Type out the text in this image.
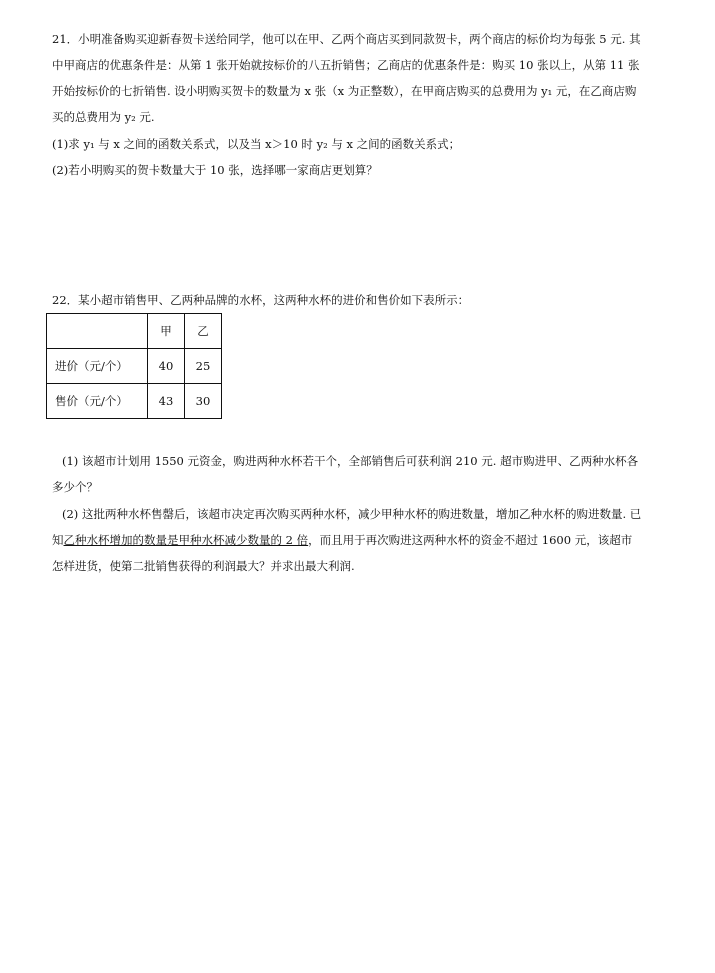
21．小明准备购买迎新春贺卡送给同学，他可以在甲、乙两个商店买到同款贺卡，两个商店的标价均为每张 5 元. 其
中甲商店的优惠条件是：从第 1 张开始就按标价的八五折销售；乙商店的优惠条件是：购买 10 张以上，从第 11 张
开始按标价的七折销售. 设小明购买贺卡的数量为 x 张（x 为正整数），在甲商店购买的总费用为 y₁ 元，在乙商店购
买的总费用为 y₂ 元.
(1)求 y₁ 与 x 之间的函数关系式，以及当 x＞10 时 y₂ 与 x 之间的函数关系式；
(2)若小明购买的贺卡数量大于 10 张，选择哪一家商店更划算？
22．某小超市销售甲、乙两种品牌的水杯，这两种水杯的进价和售价如下表所示：
	甲	乙
进价（元/个）	40	25
售价（元/个）	43	30
(1) 该超市计划用 1550 元资金，购进两种水杯若干个，全部销售后可获利润 210 元. 超市购进甲、乙两种水杯各
多少个？
(2) 这批两种水杯售罄后，该超市决定再次购买两种水杯，减少甲种水杯的购进数量，增加乙种水杯的购进数量. 已
知乙种水杯增加的数量是甲种水杯减少数量的 2 倍，而且用于再次购进这两种水杯的资金不超过 1600 元，该超市
怎样进货，使第二批销售获得的利润最大？并求出最大利润.
